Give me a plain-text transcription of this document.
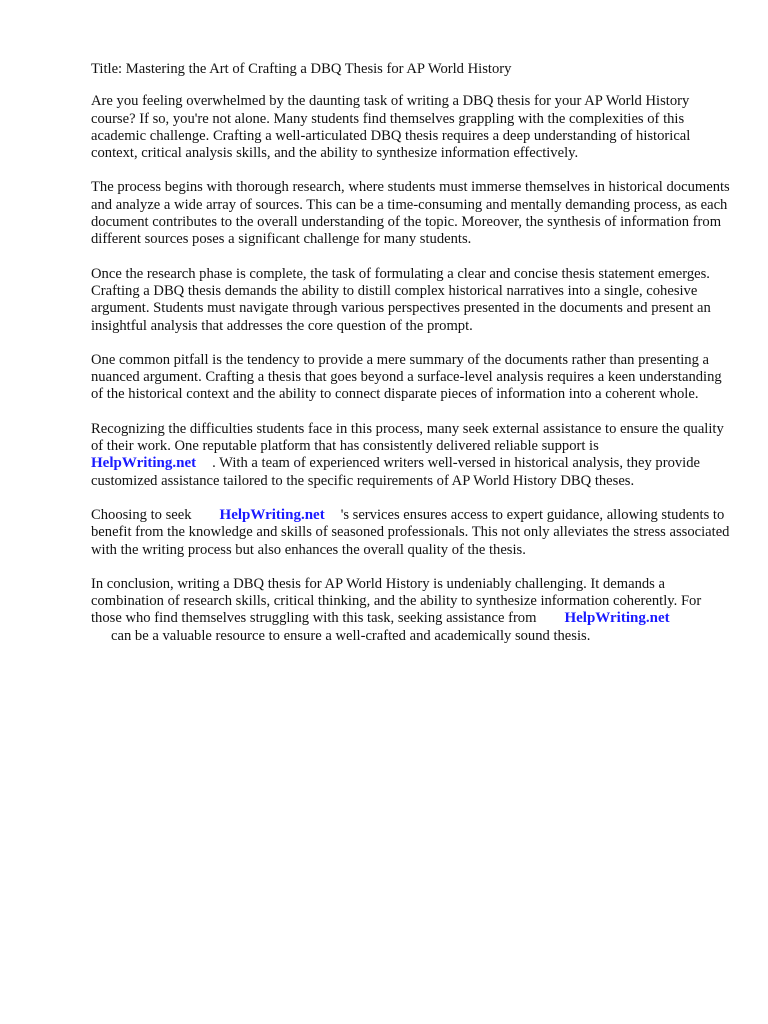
Title: Mastering the Art of Crafting a DBQ Thesis for AP World History

Are you feeling overwhelmed by the daunting task of writing a DBQ thesis for your AP World History course? If so, you're not alone. Many students find themselves grappling with the complexities of this academic challenge. Crafting a well-articulated DBQ thesis requires a deep understanding of historical context, critical analysis skills, and the ability to synthesize information effectively.

The process begins with thorough research, where students must immerse themselves in historical documents and analyze a wide array of sources. This can be a time-consuming and mentally demanding process, as each document contributes to the overall understanding of the topic. Moreover, the synthesis of information from different sources poses a significant challenge for many students.

Once the research phase is complete, the task of formulating a clear and concise thesis statement emerges. Crafting a DBQ thesis demands the ability to distill complex historical narratives into a single, cohesive argument. Students must navigate through various perspectives presented in the documents and present an insightful analysis that addresses the core question of the prompt.

One common pitfall is the tendency to provide a mere summary of the documents rather than presenting a nuanced argument. Crafting a thesis that goes beyond a surface-level analysis requires a keen understanding of the historical context and the ability to connect disparate pieces of information into a coherent whole.

Recognizing the difficulties students face in this process, many seek external assistance to ensure the quality of their work. One reputable platform that has consistently delivered reliable support is
HelpWriting.net . With a team of experienced writers well-versed in historical analysis, they provide customized assistance tailored to the specific requirements of AP World History DBQ theses.

Choosing to seek HelpWriting.net 's services ensures access to expert guidance, allowing students to benefit from the knowledge and skills of seasoned professionals. This not only alleviates the stress associated with the writing process but also enhances the overall quality of the thesis.

In conclusion, writing a DBQ thesis for AP World History is undeniably challenging. It demands a combination of research skills, critical thinking, and the ability to synthesize information coherently. For those who find themselves struggling with this task, seeking assistance from HelpWriting.net
can be a valuable resource to ensure a well-crafted and academically sound thesis.
